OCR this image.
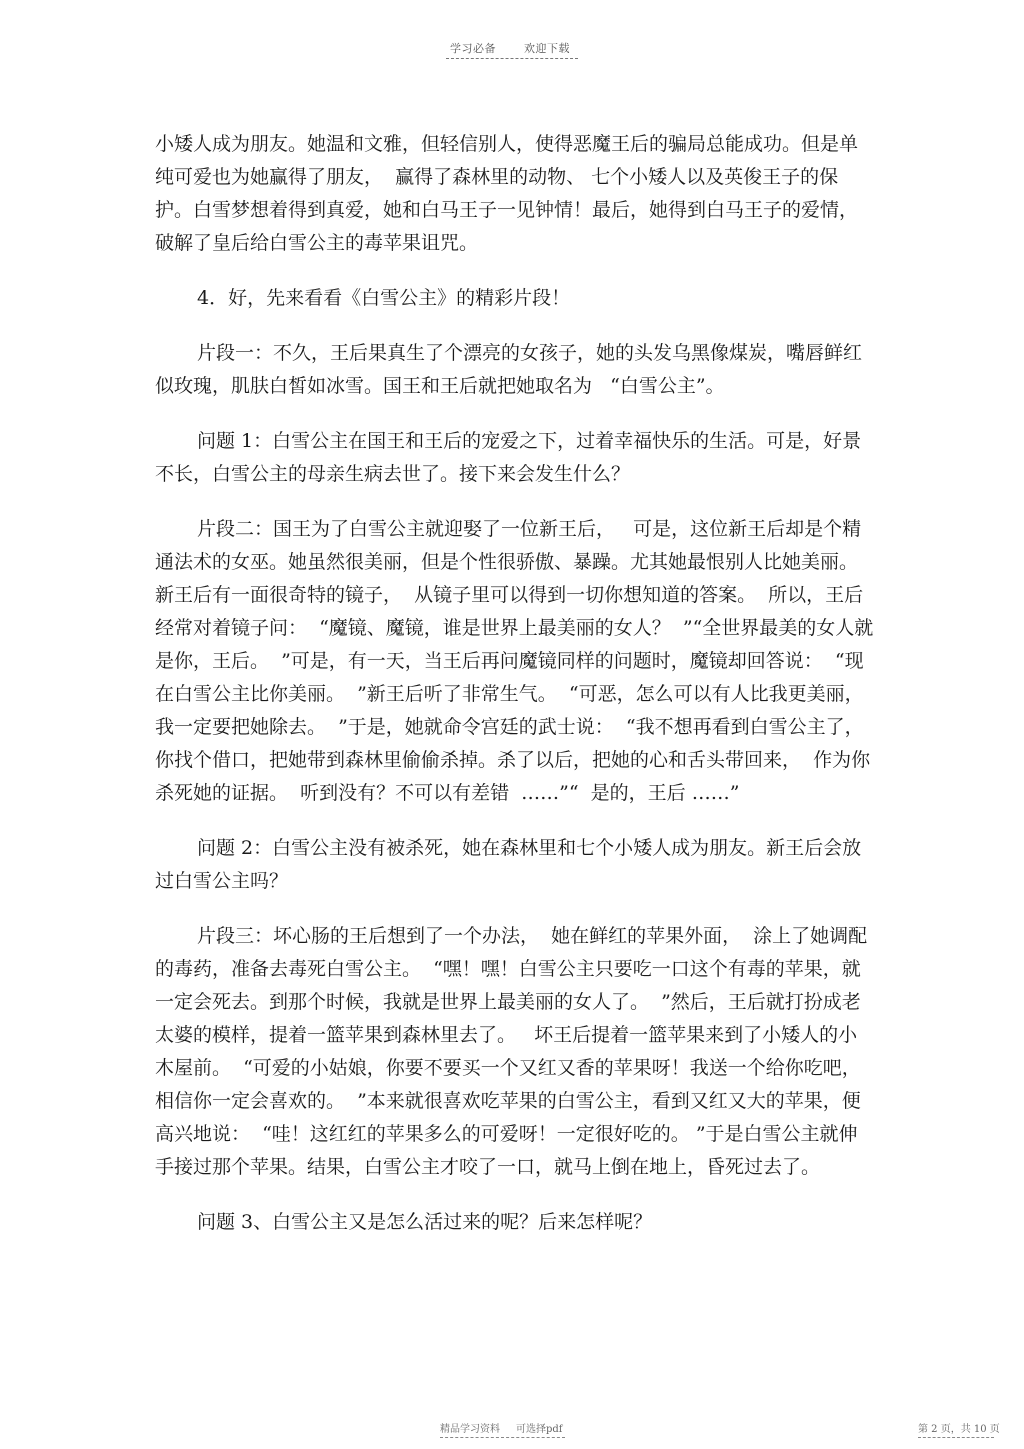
学习必备	欢迎下载

小矮人成为朋友。她温和文雅，但轻信别人，使得恶魔王后的骗局总能成功。但是单纯可爱也为她赢得了朋友，  赢得了森林里的动物、 七个小矮人以及英俊王子的保护。白雪梦想着得到真爱，她和白马王子一见钟情！最后，她得到白马王子的爱情，破解了皇后给白雪公主的毒苹果诅咒。

4．好，先来看看《白雪公主》的精彩片段！

片段一：不久，王后果真生了个漂亮的女孩子，她的头发乌黑像煤炭，嘴唇鲜红似玫瑰，肌肤白皙如冰雪。国王和王后就把她取名为   “白雪公主”。

问题 1：白雪公主在国王和王后的宠爱之下，过着幸福快乐的生活。可是，好景不长，白雪公主的母亲生病去世了。接下来会发生什么？

片段二：国王为了白雪公主就迎娶了一位新王后，   可是，这位新王后却是个精通法术的女巫。她虽然很美丽，但是个性很骄傲、暴躁。尤其她最恨别人比她美丽。新王后有一面很奇特的镜子，  从镜子里可以得到一切你想知道的答案。  所以，王后经常对着镜子问：  “魔镜、魔镜，谁是世界上最美丽的女人？  ”“全世界最美的女人就是你，王后。  ”可是，有一天，当王后再问魔镜同样的问题时，魔镜却回答说：  “现在白雪公主比你美丽。  ”新王后听了非常生气。  “可恶，怎么可以有人比我更美丽，我一定要把她除去。  ”于是，她就命令宫廷的武士说：  “我不想再看到白雪公主了，你找个借口，把她带到森林里偷偷杀掉。杀了以后，把她的心和舌头带回来，  作为你杀死她的证据。  听到没有？不可以有差错  ……”“  是的，王后 ……”

问题 2：白雪公主没有被杀死，她在森林里和七个小矮人成为朋友。新王后会放过白雪公主吗？

片段三：坏心肠的王后想到了一个办法，  她在鲜红的苹果外面，  涂上了她调配的毒药，准备去毒死白雪公主。  “嘿！嘿！白雪公主只要吃一口这个有毒的苹果，就一定会死去。到那个时候，我就是世界上最美丽的女人了。  ”然后，王后就打扮成老太婆的模样，提着一篮苹果到森林里去了。   坏王后提着一篮苹果来到了小矮人的小木屋前。  “可爱的小姑娘，你要不要买一个又红又香的苹果呀！我送一个给你吃吧，相信你一定会喜欢的。  ”本来就很喜欢吃苹果的白雪公主，看到又红又大的苹果，便高兴地说：  “哇！这红红的苹果多么的可爱呀！一定很好吃的。 ”于是白雪公主就伸手接过那个苹果。结果，白雪公主才咬了一口，就马上倒在地上，昏死过去了。

问题 3、白雪公主又是怎么活过来的呢？后来怎样呢？

精品学习资料 可选择pdf	第 2 页，共 10 页
